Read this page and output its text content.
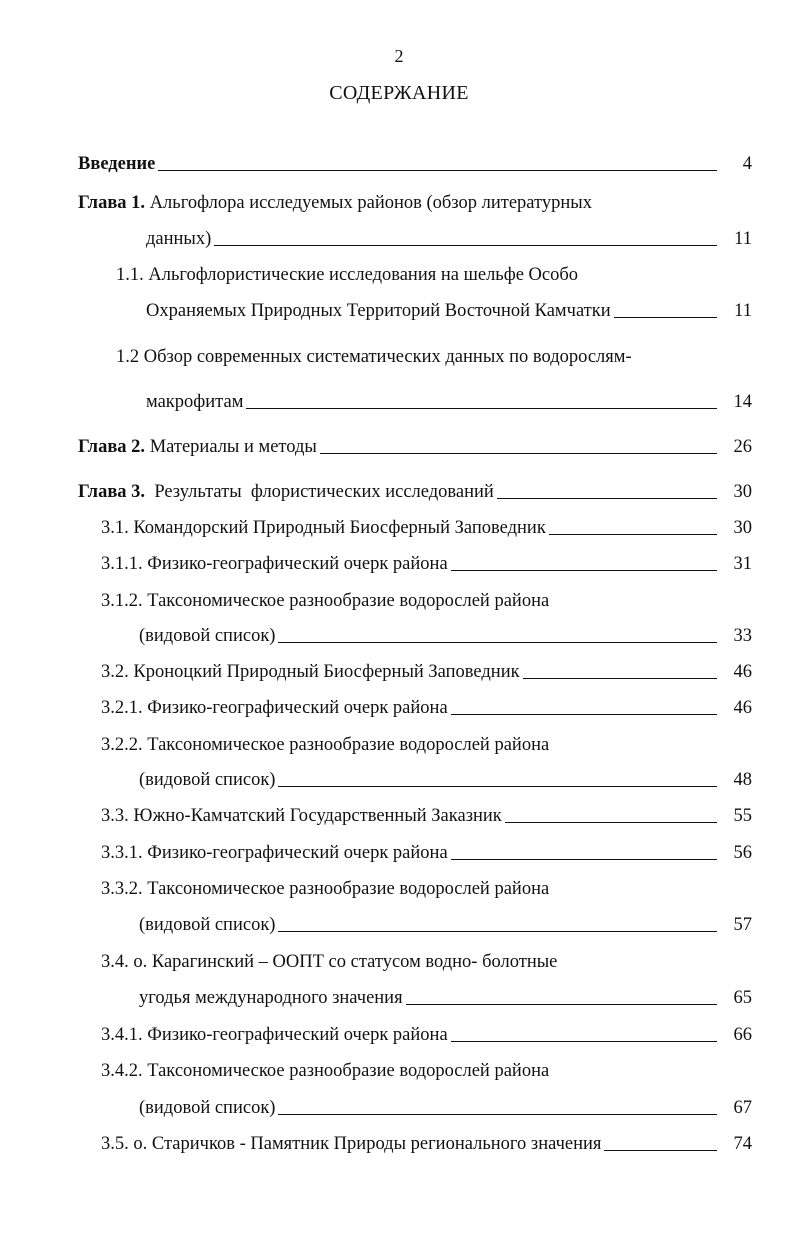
2
СОДЕРЖАНИЕ
Введение	4
Глава 1. Альгофлора исследуемых районов (обзор литературных
данных)	11
1.1. Альгофлористические исследования на шельфе Особо
Охраняемых Природных Территорий Восточной Камчатки	11
1.2 Обзор современных систематических данных по водорослям-
макрофитам	14
Глава 2. Материалы и методы	26
Глава 3.  Результаты  флористических исследований	30
3.1. Командорский Природный Биосферный Заповедник	30
3.1.1. Физико-географический очерк района	31
3.1.2. Таксономическое разнообразие водорослей района
(видовой список)	33
3.2. Кроноцкий Природный Биосферный Заповедник	46
3.2.1. Физико-географический очерк района	46
3.2.2. Таксономическое разнообразие водорослей района
(видовой список)	48
3.3. Южно-Камчатский Государственный Заказник	55
3.3.1. Физико-географический очерк района	56
3.3.2. Таксономическое разнообразие водорослей района
(видовой список)	57
3.4. о. Карагинский – ООПТ со статусом водно- болотные
угодья международного значения	65
3.4.1. Физико-географический очерк района	66
3.4.2. Таксономическое разнообразие водорослей района
(видовой список)	67
3.5. о. Старичков - Памятник Природы регионального значения	74
